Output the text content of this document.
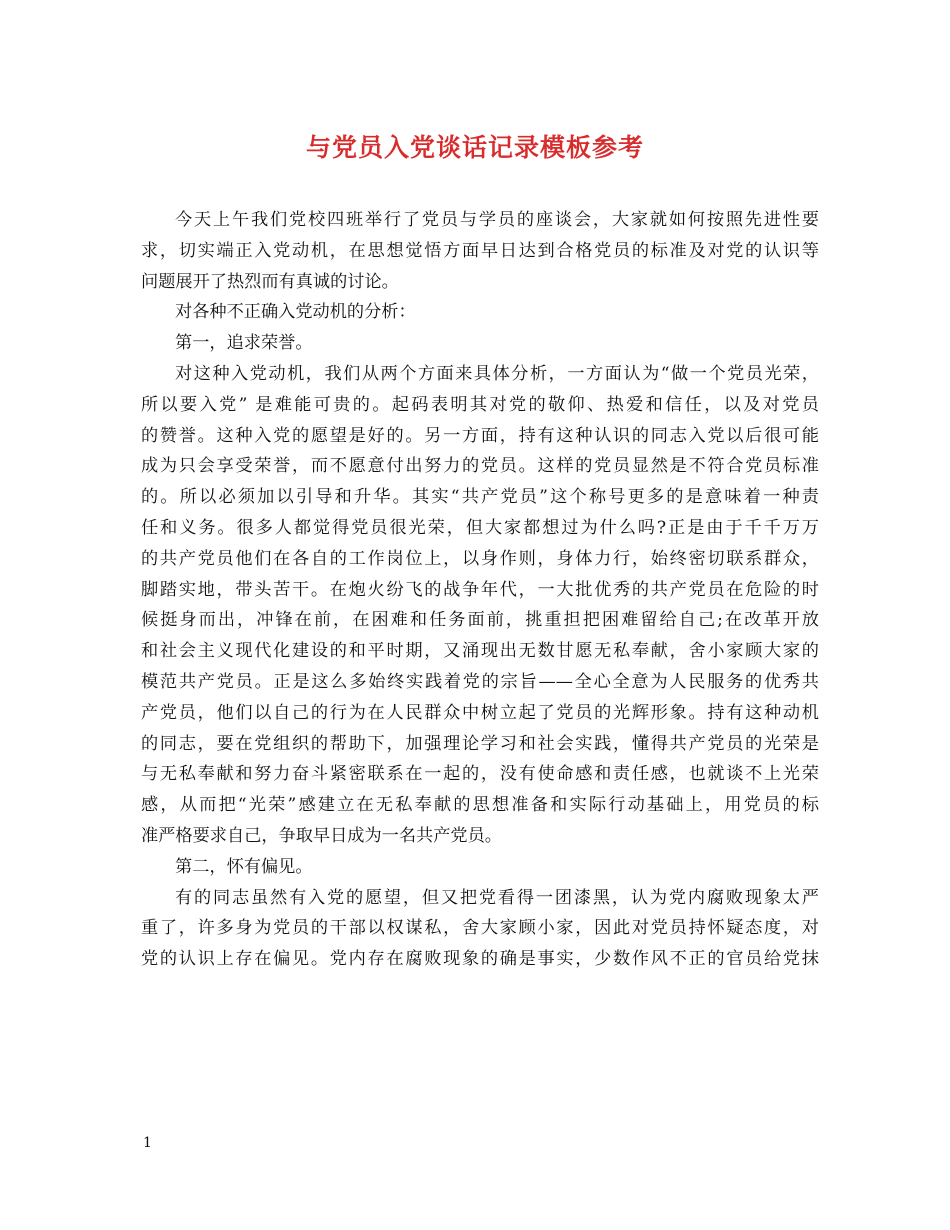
与党员入党谈话记录模板参考
今天上午我们党校四班举行了党员与学员的座谈会，大家就如何按照先进性要
求，切实端正入党动机，在思想觉悟方面早日达到合格党员的标准及对党的认识等
问题展开了热烈而有真诚的讨论。

对各种不正确入党动机的分析：

第一，追求荣誉。

对这种入党动机，我们从两个方面来具体分析，一方面认为“做一个党员光荣，
所以要入党” 是难能可贵的。起码表明其对党的敬仰、热爱和信任，以及对党员
的赞誉。这种入党的愿望是好的。另一方面，持有这种认识的同志入党以后很可能
成为只会享受荣誉，而不愿意付出努力的党员。这样的党员显然是不符合党员标准
的。所以必须加以引导和升华。其实“共产党员”这个称号更多的是意味着一种责
任和义务。很多人都觉得党员很光荣，但大家都想过为什么吗?正是由于千千万万
的共产党员他们在各自的工作岗位上，以身作则，身体力行，始终密切联系群众，
脚踏实地，带头苦干。在炮火纷飞的战争年代，一大批优秀的共产党员在危险的时
候挺身而出，冲锋在前，在困难和任务面前，挑重担把困难留给自己;在改革开放
和社会主义现代化建设的和平时期，又涌现出无数甘愿无私奉献，舍小家顾大家的
模范共产党员。正是这么多始终实践着党的宗旨——全心全意为人民服务的优秀共
产党员，他们以自己的行为在人民群众中树立起了党员的光辉形象。持有这种动机
的同志，要在党组织的帮助下，加强理论学习和社会实践，懂得共产党员的光荣是
与无私奉献和努力奋斗紧密联系在一起的，没有使命感和责任感，也就谈不上光荣
感，从而把“光荣”感建立在无私奉献的思想准备和实际行动基础上，用党员的标
准严格要求自己，争取早日成为一名共产党员。

第二，怀有偏见。

有的同志虽然有入党的愿望，但又把党看得一团漆黑，认为党内腐败现象太严
重了，许多身为党员的干部以权谋私，舍大家顾小家，因此对党员持怀疑态度，对
党的认识上存在偏见。党内存在腐败现象的确是事实，少数作风不正的官员给党抹
1
